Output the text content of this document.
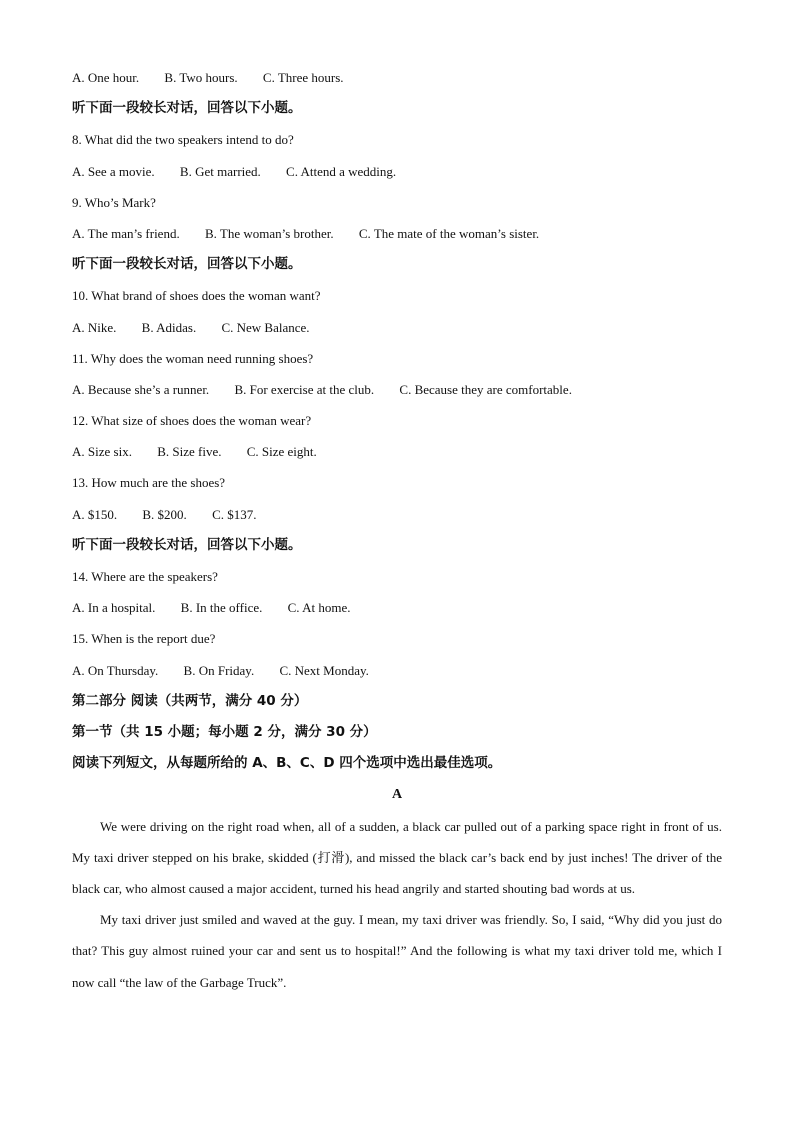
A. One hour. B. Two hours. C. Three hours.
听下面一段较长对话，回答以下小题。
8. What did the two speakers intend to do?
A. See a movie. B. Get married. C. Attend a wedding.
9. Who’s Mark?
A. The man’s friend. B. The woman’s brother. C. The mate of the woman’s sister.
听下面一段较长对话，回答以下小题。
10. What brand of shoes does the woman want?
A. Nike. B. Adidas. C. New Balance.
11. Why does the woman need running shoes?
A. Because she’s a runner. B. For exercise at the club. C. Because they are comfortable.
12. What size of shoes does the woman wear?
A. Size six. B. Size five. C. Size eight.
13. How much are the shoes?
A. $150. B. $200. C. $137.
听下面一段较长对话，回答以下小题。
14. Where are the speakers?
A. In a hospital. B. In the office. C. At home.
15. When is the report due?
A. On Thursday. B. On Friday. C. Next Monday.
第二部分 阅读（共两节，满分 40 分）
第一节（共 15 小题；每小题 2 分，满分 30 分）
阅读下列短文，从每题所给的 A、B、C、D 四个选项中选出最佳选项。
A

We were driving on the right road when, all of a sudden, a black car pulled out of a parking space right in front of us. My taxi driver stepped on his brake, skidded (打滑), and missed the black car’s back end by just inches! The driver of the black car, who almost caused a major accident, turned his head angrily and started shouting bad words at us.

My taxi driver just smiled and waved at the guy. I mean, my taxi driver was friendly. So, I said, “Why did you just do that? This guy almost ruined your car and sent us to hospital!” And the following is what my taxi driver told me, which I now call “the law of the Garbage Truck”.
